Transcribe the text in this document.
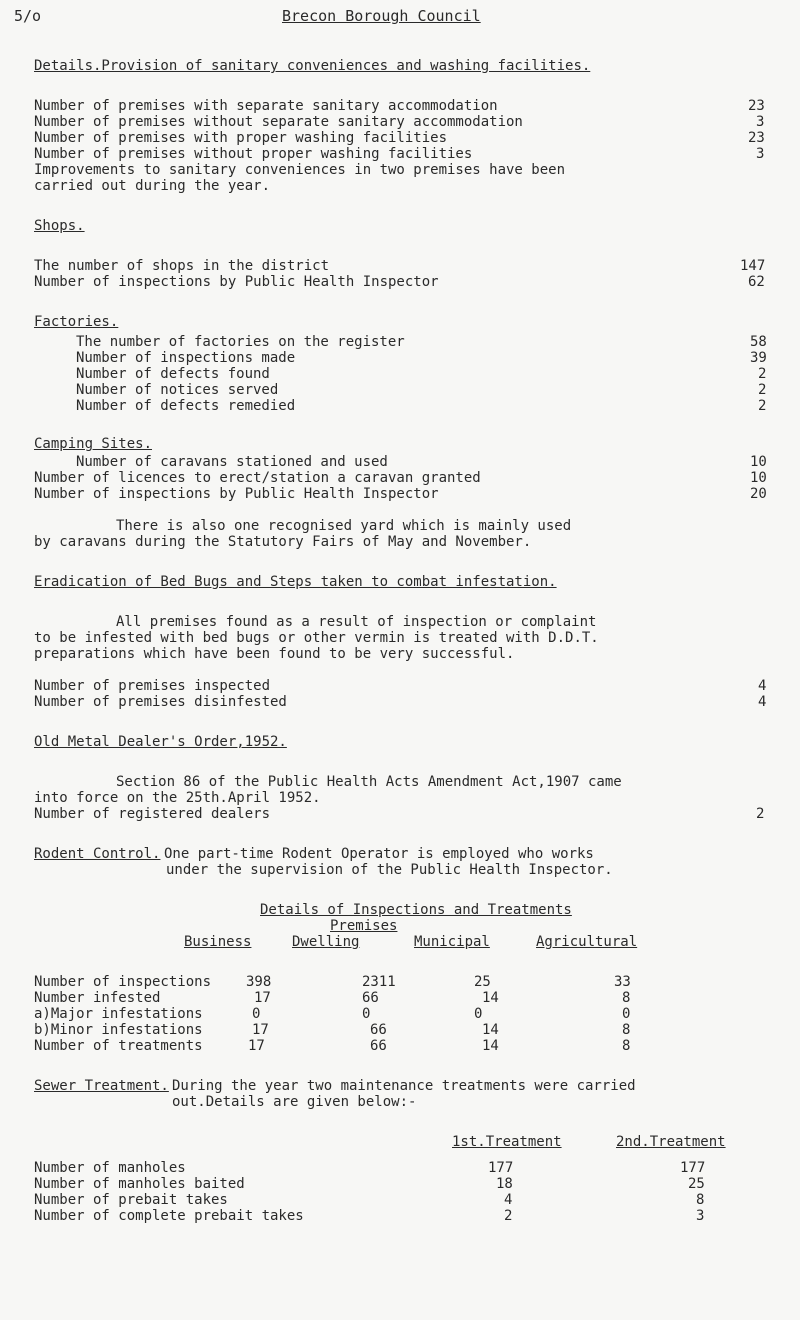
5/o	Brecon Borough Council
Details.Provision of sanitary conveniences and washing facilities.
Number of premises with separate sanitary accommodation	23
Number of premises without separate sanitary accommodation	3
Number of premises with proper washing facilities	23
Number of premises without proper washing facilities	3
Improvements to sanitary conveniences in two premises have been
carried out during the year.
Shops.
The number of shops in the district	147
Number of inspections by Public Health Inspector	62
Factories.
The number of factories on the register	58
Number of inspections made	39
Number of defects found	2
Number of notices served	2
Number of defects remedied	2
Camping Sites.
Number of caravans stationed and used	10
Number of licences to erect/station a caravan granted	10
Number of inspections by Public Health Inspector	20
There is also one recognised yard which is mainly used
by caravans during the Statutory Fairs of May and November.
Eradication of Bed Bugs and Steps taken to combat infestation.
All premises found as a result of inspection or complaint
to be infested with bed bugs or other vermin is treated with D.D.T.
preparations which have been found to be very successful.
Number of premises inspected	4
Number of premises disinfested	4
Old Metal Dealer's Order,1952.
Section 86 of the Public Health Acts Amendment Act,1907 came
into force on the 25th.April 1952.
Number of registered dealers	2
Rodent Control. One part-time Rodent Operator is employed who works
under the supervision of the Public Health Inspector.
Details of Inspections and Treatments
Premises
Business	Dwelling	Municipal	Agricultural
Number of inspections 398	2311	25	33
Number infested	17	66	14	8
a)Major infestations	0	0	0	0
b)Minor infestations	17	66	14	8
Number of treatments	17	66	14	8
Sewer Treatment. During the year two maintenance treatments were carried
out.Details are given below:-
1st.Treatment	2nd.Treatment
Number of manholes	177	177
Number of manholes baited	18	25
Number of prebait takes	4	8
Number of complete prebait takes	2	3
